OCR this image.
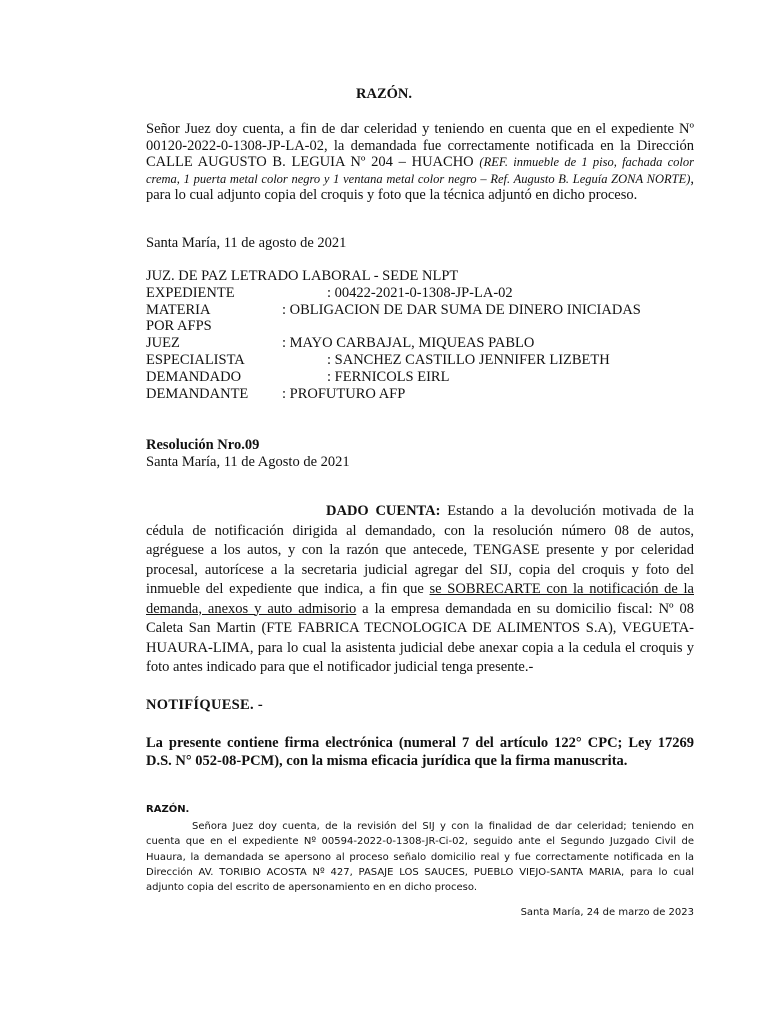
RAZÓN.
Señor Juez doy cuenta, a fin de dar celeridad y teniendo en cuenta que en el expediente Nº 00120-2022-0-1308-JP-LA-02, la demandada fue correctamente notificada en la Dirección CALLE AUGUSTO B. LEGUIA Nº 204 – HUACHO (REF. inmueble de 1 piso, fachada color crema, 1 puerta metal color negro y 1 ventana metal color negro – Ref. Augusto B. Leguía ZONA NORTE), para lo cual adjunto copia del croquis y foto que la técnica adjuntó en dicho proceso.
Santa María, 11 de agosto de 2021
JUZ. DE PAZ LETRADO LABORAL - SEDE NLPT
EXPEDIENTE	: 00422-2021-0-1308-JP-LA-02
MATERIA	: OBLIGACION DE DAR SUMA DE DINERO INICIADAS
POR AFPS
JUEZ	: MAYO CARBAJAL, MIQUEAS PABLO
ESPECIALISTA	: SANCHEZ CASTILLO JENNIFER LIZBETH
DEMANDADO	: FERNICOLS EIRL
DEMANDANTE : PROFUTURO AFP
Resolución Nro.09
Santa María, 11 de Agosto de 2021
DADO CUENTA: Estando a la devolución motivada de la cédula de notificación dirigida al demandado, con la resolución número 08 de autos, agréguese a los autos, y con la razón que antecede, TENGASE presente y por celeridad procesal, autorícese a la secretaria judicial agregar del SIJ, copia del croquis y foto del inmueble del expediente que indica, a fin que se SOBRECARTE con la notificación de la demanda, anexos y auto admisorio a la empresa demandada en su domicilio fiscal: Nº 08 Caleta San Martin (FTE FABRICA TECNOLOGICA DE ALIMENTOS S.A), VEGUETA-HUAURA-LIMA, para lo cual la asistenta judicial debe anexar copia a la cedula el croquis y foto antes indicado para que el notificador judicial tenga presente.-
NOTIFÍQUESE. -
La presente contiene firma electrónica (numeral 7 del artículo 122° CPC; Ley 17269 D.S. N° 052-08-PCM), con la misma eficacia jurídica que la firma manuscrita.
RAZÓN.
Señora Juez doy cuenta, de la revisión del SIJ y con la finalidad de dar celeridad; teniendo en cuenta que en el expediente Nº 00594-2022-0-1308-JR-Ci-02, seguido ante el Segundo Juzgado Civil de Huaura, la demandada se apersono al proceso señalo domicilio real y fue correctamente notificada en la Dirección AV. TORIBIO ACOSTA Nº 427, PASAJE LOS SAUCES, PUEBLO VIEJO-SANTA MARIA, para lo cual adjunto copia del escrito de apersonamiento en en dicho proceso.
Santa María, 24 de marzo de 2023
